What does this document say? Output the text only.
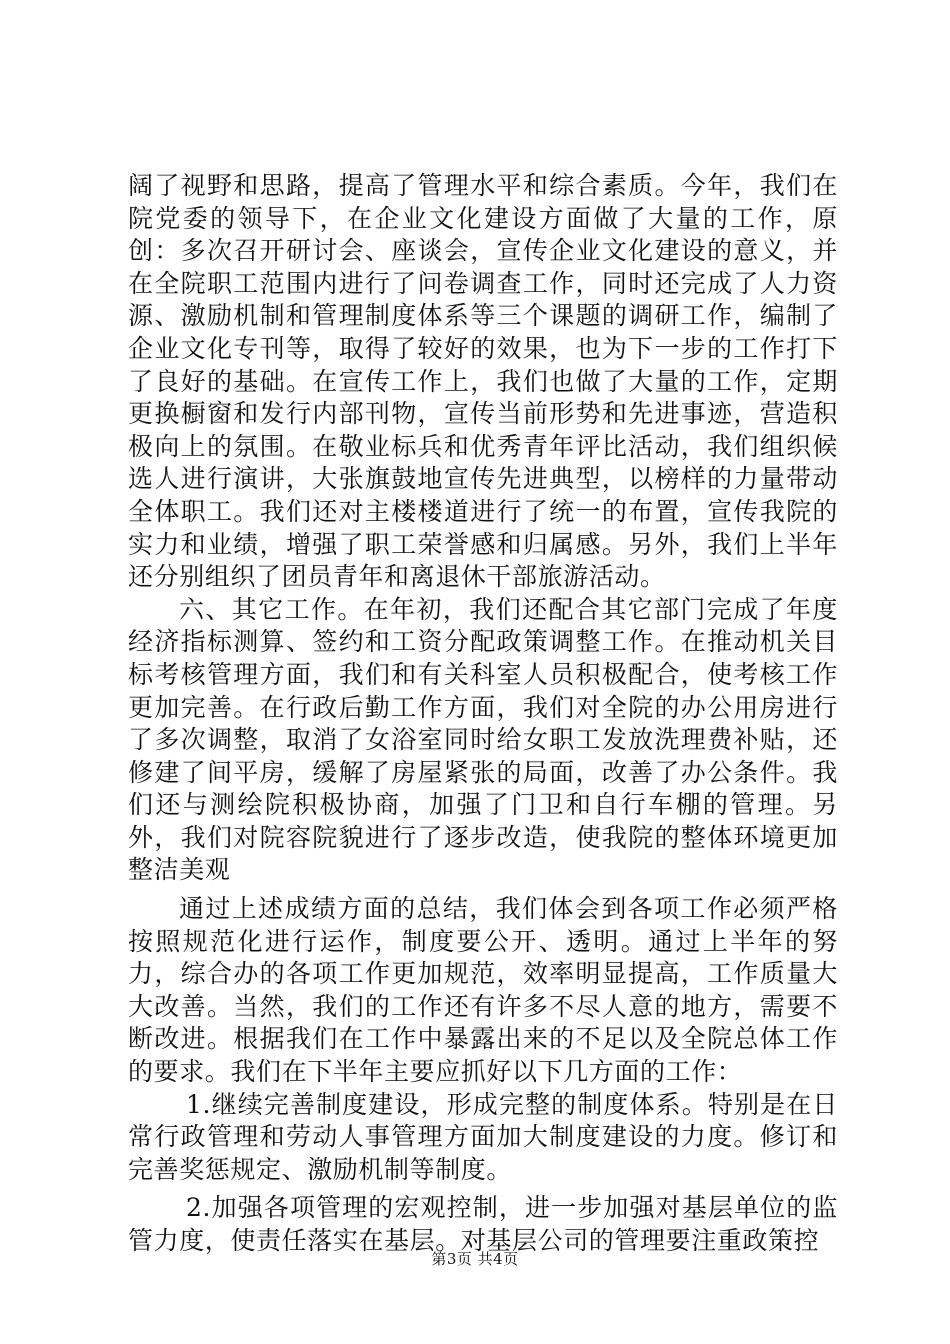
阔了视野和思路，提高了管理水平和综合素质。今年，我们在院党委的领导下，在企业文化建设方面做了大量的工作，原创：多次召开研讨会、座谈会，宣传企业文化建设的意义，并在全院职工范围内进行了问卷调查工作，同时还完成了人力资源、激励机制和管理制度体系等三个课题的调研工作，编制了企业文化专刊等，取得了较好的效果，也为下一步的工作打下了良好的基础。在宣传工作上，我们也做了大量的工作，定期更换橱窗和发行内部刊物，宣传当前形势和先进事迹，营造积极向上的氛围。在敬业标兵和优秀青年评比活动，我们组织候选人进行演讲，大张旗鼓地宣传先进典型，以榜样的力量带动全体职工。我们还对主楼楼道进行了统一的布置，宣传我院的实力和业绩，增强了职工荣誉感和归属感。另外，我们上半年还分别组织了团员青年和离退休干部旅游活动。

六、其它工作。在年初，我们还配合其它部门完成了年度经济指标测算、签约和工资分配政策调整工作。在推动机关目标考核管理方面，我们和有关科室人员积极配合，使考核工作更加完善。在行政后勤工作方面，我们对全院的办公用房进行了多次调整，取消了女浴室同时给女职工发放洗理费补贴，还修建了间平房，缓解了房屋紧张的局面，改善了办公条件。我们还与测绘院积极协商，加强了门卫和自行车棚的管理。另外，我们对院容院貌进行了逐步改造，使我院的整体环境更加整洁美观

通过上述成绩方面的总结，我们体会到各项工作必须严格按照规范化进行运作，制度要公开、透明。通过上半年的努力，综合办的各项工作更加规范，效率明显提高，工作质量大大改善。当然，我们的工作还有许多不尽人意的地方，需要不断改进。根据我们在工作中暴露出来的不足以及全院总体工作的要求。我们在下半年主要应抓好以下几方面的工作：

1.继续完善制度建设，形成完整的制度体系。特别是在日常行政管理和劳动人事管理方面加大制度建设的力度。修订和完善奖惩规定、激励机制等制度。

2.加强各项管理的宏观控制，进一步加强对基层单位的监管力度，使责任落实在基层。对基层公司的管理要注重政策控

第3页 共4页
